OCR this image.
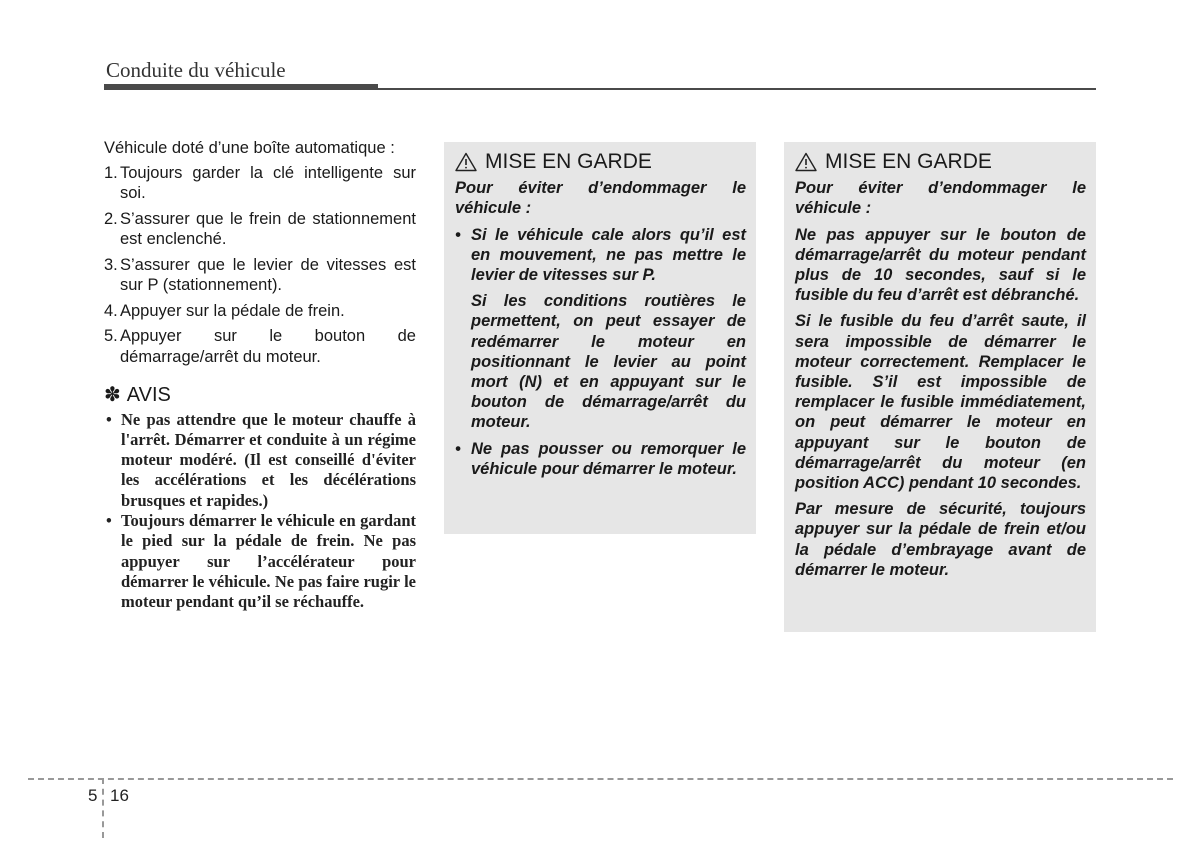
Conduite du véhicule

Véhicule doté d’une boîte automatique :

1. Toujours garder la clé intelligente sur soi.
2. S’assurer que le frein de stationnement est enclenché.
3. S’assurer que le levier de vitesses est sur P (stationnement).
4. Appuyer sur la pédale de frein.
5. Appuyer sur le bouton de démarrage/arrêt du moteur.
✽ AVIS
• Ne pas attendre que le moteur chauffe à l'arrêt. Démarrer et conduite à un régime moteur modéré. (Il est conseillé d'éviter les accélérations et les décélérations brusques et rapides.)
• Toujours démarrer le véhicule en gardant le pied sur la pédale de frein. Ne pas appuyer sur l’accélérateur pour démarrer le véhicule. Ne pas faire rugir le moteur pendant qu’il se réchauffe.
MISE EN GARDE

Pour éviter d’endommager le véhicule :

• Si le véhicule cale alors qu’il est en mouvement, ne pas mettre le levier de vitesses sur P.

Si les conditions routières le permettent, on peut essayer de redémarrer le moteur en positionnant le levier au point mort (N) et en appuyant sur le bouton de démarrage/arrêt du moteur.

• Ne pas pousser ou remorquer le véhicule pour démarrer le moteur.

MISE EN GARDE

Pour éviter d’endommager le véhicule :

Ne pas appuyer sur le bouton de démarrage/arrêt du moteur pendant plus de 10 secondes, sauf si le fusible du feu d’arrêt est débranché.

Si le fusible du feu d’arrêt saute, il sera impossible de démarrer le moteur correctement. Remplacer le fusible. S’il est impossible de remplacer le fusible immédiatement, on peut démarrer le moteur en appuyant sur le bouton de démarrage/arrêt du moteur (en position ACC) pendant 10 secondes.

Par mesure de sécurité, toujours appuyer sur la pédale de frein et/ou la pédale d’embrayage avant de démarrer le moteur.

5 16
